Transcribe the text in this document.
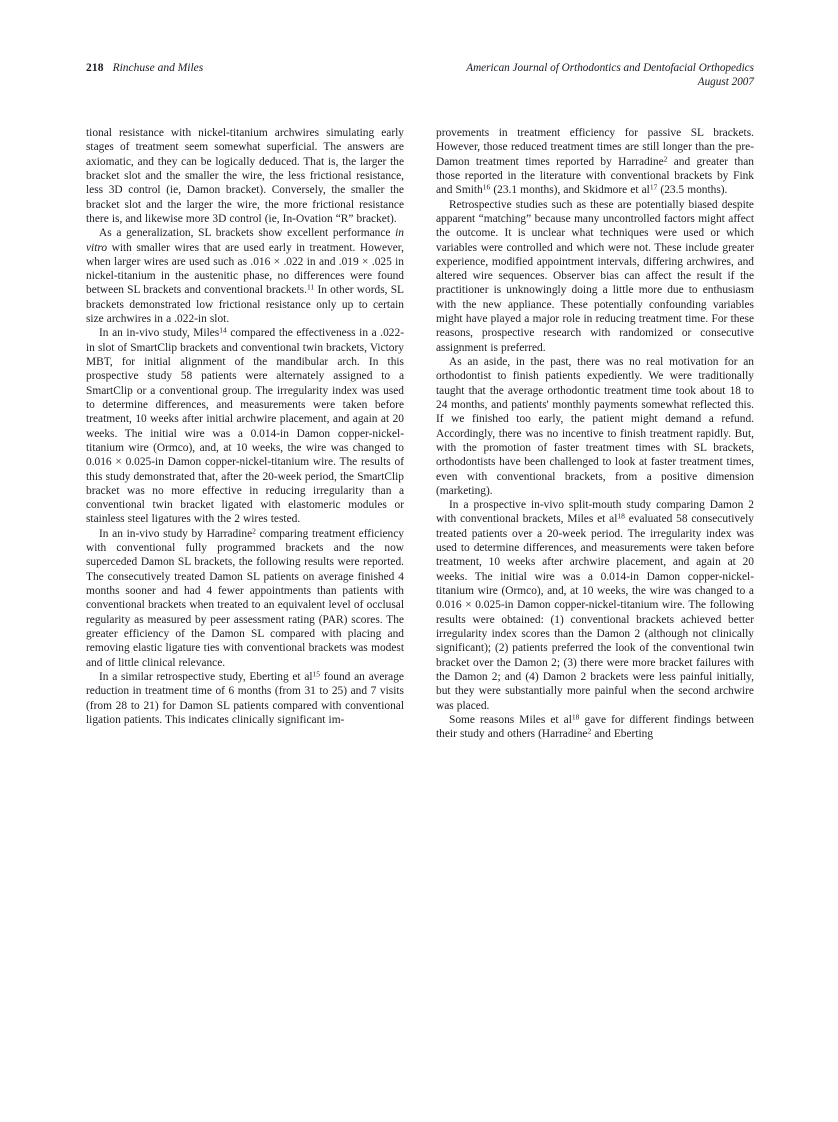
218 Rinchuse and Miles	American Journal of Orthodontics and Dentofacial Orthopedics
August 2007

tional resistance with nickel-titanium archwires simulating early stages of treatment seem somewhat superficial. The answers are axiomatic, and they can be logically deduced. That is, the larger the bracket slot and the smaller the wire, the less frictional resistance, less 3D control (ie, Damon bracket). Conversely, the smaller the bracket slot and the larger the wire, the more frictional resistance there is, and likewise more 3D control (ie, In-Ovation “R” bracket).

As a generalization, SL brackets show excellent performance in vitro with smaller wires that are used early in treatment. However, when larger wires are used such as .016 × .022 in and .019 × .025 in nickel-titanium in the austenitic phase, no differences were found between SL brackets and conventional brackets.$^{11}$ In other words, SL brackets demonstrated low frictional resistance only up to certain size archwires in a .022-in slot.

In an in-vivo study, Miles$^{14}$ compared the effectiveness in a .022-in slot of SmartClip brackets and conventional twin brackets, Victory MBT, for initial alignment of the mandibular arch. In this prospective study 58 patients were alternately assigned to a SmartClip or a conventional group. The irregularity index was used to determine differences, and measurements were taken before treatment, 10 weeks after initial archwire placement, and again at 20 weeks. The initial wire was a 0.014-in Damon copper-nickel-titanium wire (Ormco), and, at 10 weeks, the wire was changed to 0.016 × 0.025-in Damon copper-nickel-titanium wire. The results of this study demonstrated that, after the 20-week period, the SmartClip bracket was no more effective in reducing irregularity than a conventional twin bracket ligated with elastomeric modules or stainless steel ligatures with the 2 wires tested.

In an in-vivo study by Harradine$^2$ comparing treatment efficiency with conventional fully programmed brackets and the now superceded Damon SL brackets, the following results were reported. The consecutively treated Damon SL patients on average finished 4 months sooner and had 4 fewer appointments than patients with conventional brackets when treated to an equivalent level of occlusal regularity as measured by peer assessment rating (PAR) scores. The greater efficiency of the Damon SL compared with placing and removing elastic ligature ties with conventional brackets was modest and of little clinical relevance.

In a similar retrospective study, Eberting et $al^{15}$ found an average reduction in treatment time of 6 months (from 31 to 25) and 7 visits (from 28 to 21) for Damon SL patients compared with conventional ligation patients. This indicates clinically significant im-

provements in treatment efficiency for passive SL brackets. However, those reduced treatment times are still longer than the pre-Damon treatment times reported by Harradine$^2$ and greater than those reported in the literature with conventional brackets by Fink and Smith$^{16}$ (23.1 months), and Skidmore et $al^{17}$ (23.5 months).

Retrospective studies such as these are potentially biased despite apparent “matching” because many uncontrolled factors might affect the outcome. It is unclear what techniques were used or which variables were controlled and which were not. These include greater experience, modified appointment intervals, differing archwires, and altered wire sequences. Observer bias can affect the result if the practitioner is unknowingly doing a little more due to enthusiasm with the new appliance. These potentially confounding variables might have played a major role in reducing treatment time. For these reasons, prospective research with randomized or consecutive assignment is preferred.

As an aside, in the past, there was no real motivation for an orthodontist to finish patients expediently. We were traditionally taught that the average orthodontic treatment time took about 18 to 24 months, and patients' monthly payments somewhat reflected this. If we finished too early, the patient might demand a refund. Accordingly, there was no incentive to finish treatment rapidly. But, with the promotion of faster treatment times with SL brackets, orthodontists have been challenged to look at faster treatment times, even with conventional brackets, from a positive dimension (marketing).

In a prospective in-vivo split-mouth study comparing Damon 2 with conventional brackets, Miles et $al^{18}$ evaluated 58 consecutively treated patients over a 20-week period. The irregularity index was used to determine differences, and measurements were taken before treatment, 10 weeks after archwire placement, and again at 20 weeks. The initial wire was a 0.014-in Damon copper-nickel-titanium wire (Ormco), and, at 10 weeks, the wire was changed to a 0.016 × 0.025-in Damon copper-nickel-titanium wire. The following results were obtained: (1) conventional brackets achieved better irregularity index scores than the Damon 2 (although not clinically significant); (2) patients preferred the look of the conventional twin bracket over the Damon 2; (3) there were more bracket failures with the Damon 2; and (4) Damon 2 brackets were less painful initially, but they were substantially more painful when the second archwire was placed.

Some reasons Miles et $al^{18}$ gave for different findings between their study and others (Harradine$^2$ and Eberting
